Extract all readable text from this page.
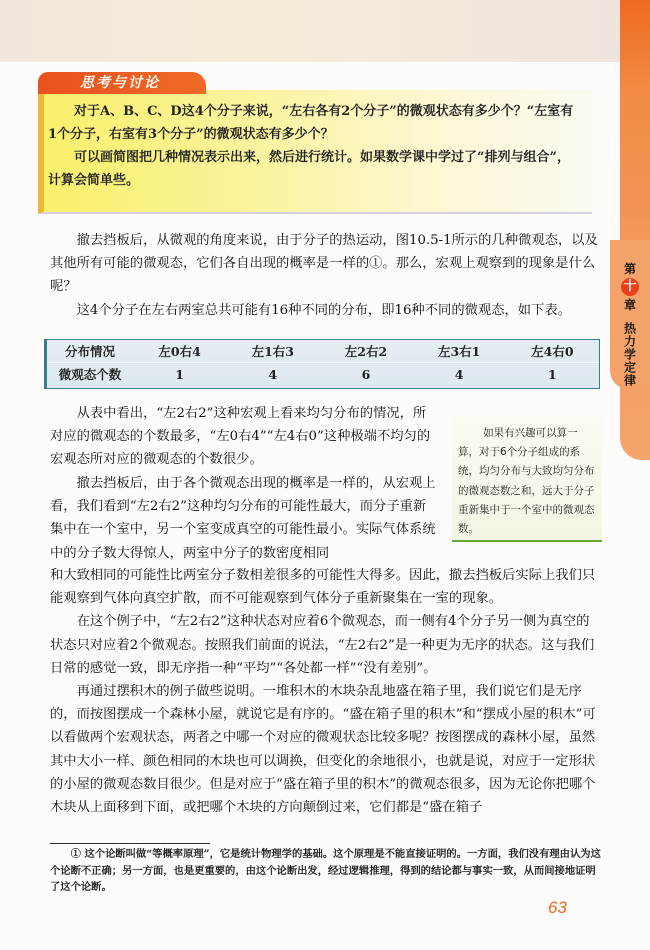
第
十
章
热力学定律
思考与讨论

对于A、B、C、D这4个分子来说，“左右各有2个分子”的微观状态有多少个？“左室有1个分子，右室有3个分子”的微观状态有多少个？

可以画简图把几种情况表示出来，然后进行统计。如果数学课中学过了“排列与组合”，计算会简单些。

撤去挡板后，从微观的角度来说，由于分子的热运动，图10.5-1所示的几种微观态，以及其他所有可能的微观态，它们各自出现的概率是一样的①。那么，宏观上观察到的现象是什么呢？

这4个分子在左右两室总共可能有16种不同的分布，即16种不同的微观态，如下表。

分布情况	左0右4	左1右3	左2右2	左3右1	左4右0
微观态个数	1	4	6	4	1

从表中看出，“左2右2”这种宏观上看来均匀分布的情况，所对应的微观态的个数最多，“左0右4”“左4右0”这种极端不均匀的宏观态所对应的微观态的个数很少。

撤去挡板后，由于各个微观态出现的概率是一样的，从宏观上看，我们看到“左2右2”这种均匀分布的可能性最大，而分子重新集中在一个室中，另一个室变成真空的可能性最小。实际气体系统中的分子数大得惊人，两室中分子的数密度相同

和大致相同的可能性比两室分子数相差很多的可能性大得多。因此，撤去挡板后实际上我们只能观察到气体向真空扩散，而不可能观察到气体分子重新聚集在一室的现象。

在这个例子中，“左2右2”这种状态对应着6个微观态，而一侧有4个分子另一侧为真空的状态只对应着2个微观态。按照我们前面的说法，“左2右2”是一种更为无序的状态。这与我们日常的感觉一致，即无序指一种“平均”“各处都一样”“没有差别”。

再通过摆积木的例子做些说明。一堆积木的木块杂乱地盛在箱子里，我们说它们是无序的，而按图摆成一个森林小屋，就说它是有序的。“盛在箱子里的积木”和“摆成小屋的积木”可以看做两个宏观状态，两者之中哪一个对应的微观状态比较多呢？按图摆成的森林小屋，虽然其中大小一样、颜色相同的木块也可以调换，但变化的余地很小，也就是说，对应于一定形状的小屋的微观态数目很少。但是对应于“盛在箱子里的积木”的微观态很多，因为无论你把哪个木块从上面移到下面，或把哪个木块的方向颠倒过来，它们都是“盛在箱子

如果有兴趣可以算一算，对于6个分子组成的系统，均匀分布与大致均匀分布的微观态数之和，远大于分子重新集中于一个室中的微观态数。

① 这个论断叫做“等概率原理”，它是统计物理学的基础。这个原理是不能直接证明的。一方面，我们没有理由认为这个论断不正确；另一方面，也是更重要的，由这个论断出发，经过逻辑推理，得到的结论都与事实一致，从而间接地证明了这个论断。

63
